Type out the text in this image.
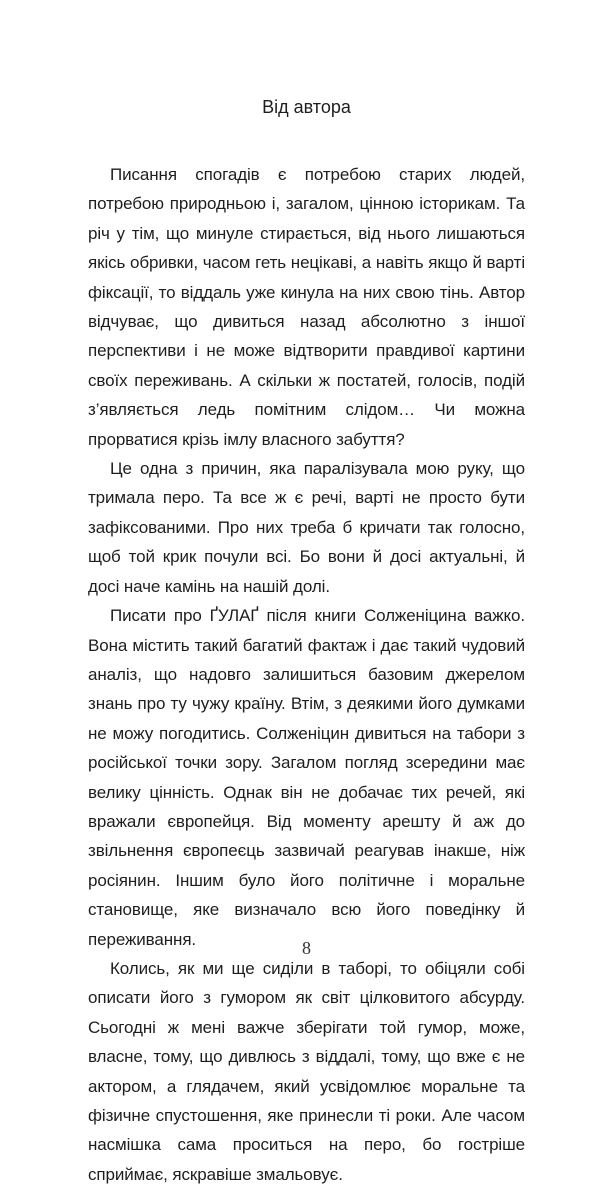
Від автора

Писання спогадів є потребою старих людей, потребою природньою і, загалом, цінною історикам. Та річ у тім, що минуле стирається, від нього лишаються якісь обривки, часом геть нецікаві, а навіть якщо й варті фіксації, то віддаль уже кинула на них свою тінь. Автор відчуває, що дивиться назад абсолютно з іншої перспективи і не може відтворити правдивої картини своїх переживань. А скільки ж постатей, голосів, подій з’являється ледь помітним слідом… Чи можна прорватися крізь імлу власного забуття?

Це одна з причин, яка паралізувала мою руку, що тримала перо. Та все ж є речі, варті не просто бути зафіксованими. Про них треба б кричати так голосно, щоб той крик почули всі. Бо вони й досі актуальні, й досі наче камінь на нашій долі.

Писати про ҐУЛАҐ після книги Солженіцина важко. Вона містить такий багатий фактаж і дає такий чудовий аналіз, що надовго залишиться базовим джерелом знань про ту чужу країну. Втім, з деякими його думками не можу погодитись. Солженіцин дивиться на табори з російської точки зору. Загалом погляд зсередини має велику цінність. Однак він не добачає тих речей, які вражали європейця. Від моменту арешту й аж до звільнення європеєць зазвичай реагував інакше, ніж росіянин. Іншим було його політичне і моральне становище, яке визначало всю його поведінку й переживання.

Колись, як ми ще сиділи в таборі, то обіцяли собі описати його з гумором як світ цілковитого абсурду. Сьогодні ж мені важче зберігати той гумор, може, власне, тому, що дивлюсь з віддалі, тому, що вже є не актором, а глядачем, який усвідомлює моральне та фізичне спустошення, яке принесли ті роки. Але часом насмішка сама проситься на перо, бо гостріше сприймає, яскравіше змальовує.

8
